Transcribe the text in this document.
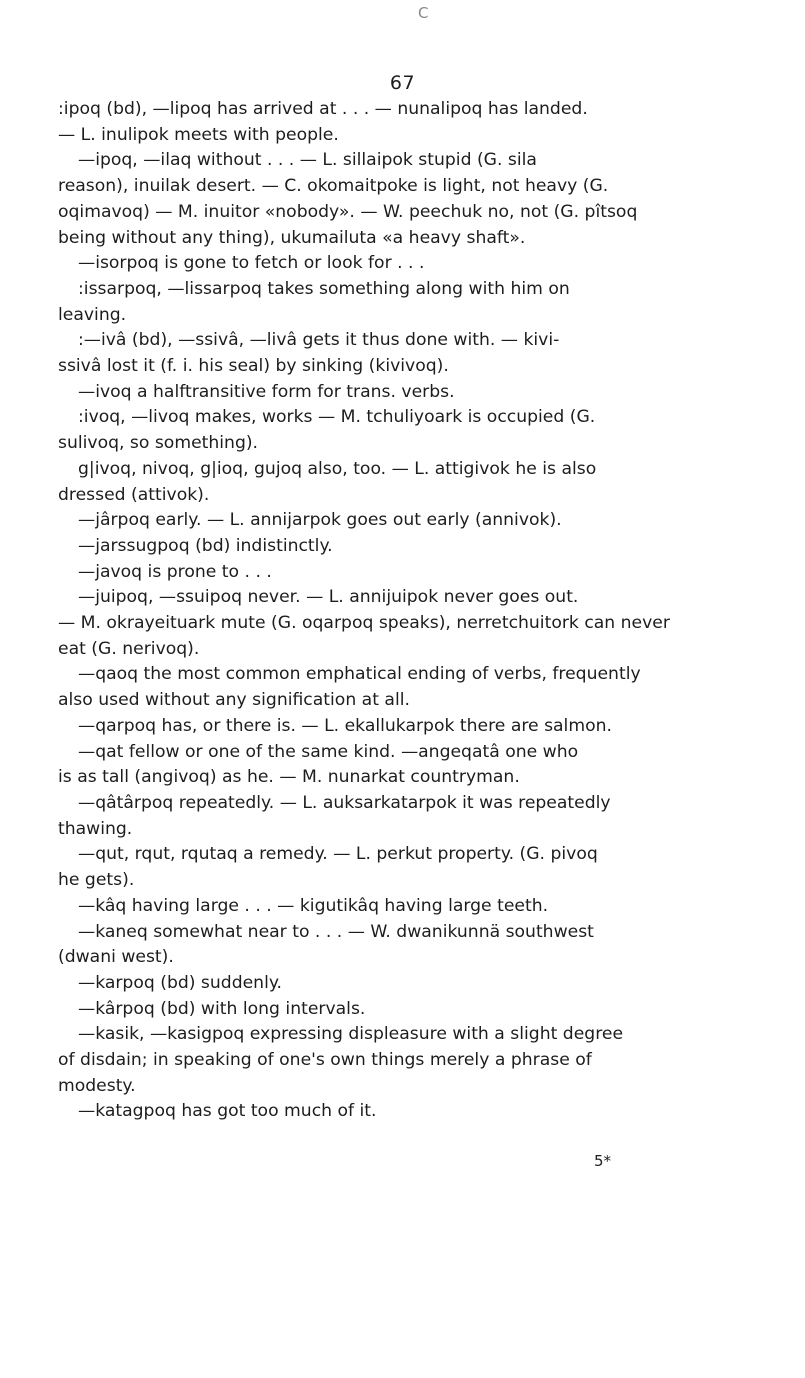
C
67

:ipoq (bd), —lipoq has arrived at . . . — nunalipoq has landed.

— L. inulipok meets with people.

—ipoq, —ilaq without . . . — L. sillaipok stupid (G. sila

reason), inuilak desert. — C. okomaitpoke is light, not heavy (G.

oqimavoq) — M. inuitor «nobody». — W. peechuk no, not (G. pîtsoq

being without any thing), ukumailuta «a heavy shaft».

—isorpoq is gone to fetch or look for . . .

:issarpoq, —lissarpoq takes something along with him on

leaving.

:—ivâ (bd), —ssivâ, —livâ gets it thus done with. — kivi-

ssivâ lost it (f. i. his seal) by sinking (kivivoq).

—ivoq a halftransitive form for trans. verbs.

:ivoq, —livoq makes, works — M. tchuliyoark is occupied (G.

sulivoq, so something).

g|ivoq, nivoq, g|ioq, gujoq also, too. — L. attigivok he is also

dressed (attivok).

—jârpoq early. — L. annijarpok goes out early (annivok).

—jarssugpoq (bd) indistinctly.

—javoq is prone to . . .

—juipoq, —ssuipoq never. — L. annijuipok never goes out.

— M. okrayeituark mute (G. oqarpoq speaks), nerretchuitork can never

eat (G. nerivoq).

—qaoq the most common emphatical ending of verbs, frequently

also used without any signification at all.

—qarpoq has, or there is. — L. ekallukarpok there are salmon.

—qat fellow or one of the same kind. —angeqatâ one who

is as tall (angivoq) as he. — M. nunarkat countryman.

—qâtârpoq repeatedly. — L. auksarkatarpok it was repeatedly

thawing.

—qut, rqut, rqutaq a remedy. — L. perkut property. (G. pivoq

he gets).

—kâq having large . . . — kigutikâq having large teeth.

—kaneq somewhat near to . . . — W. dwanikunnä southwest

(dwani west).

—karpoq (bd) suddenly.

—kârpoq (bd) with long intervals.

—kasik, —kasigpoq expressing displeasure with a slight degree

of disdain; in speaking of one's own things merely a phrase of

modesty.

—katagpoq has got too much of it.

5*
